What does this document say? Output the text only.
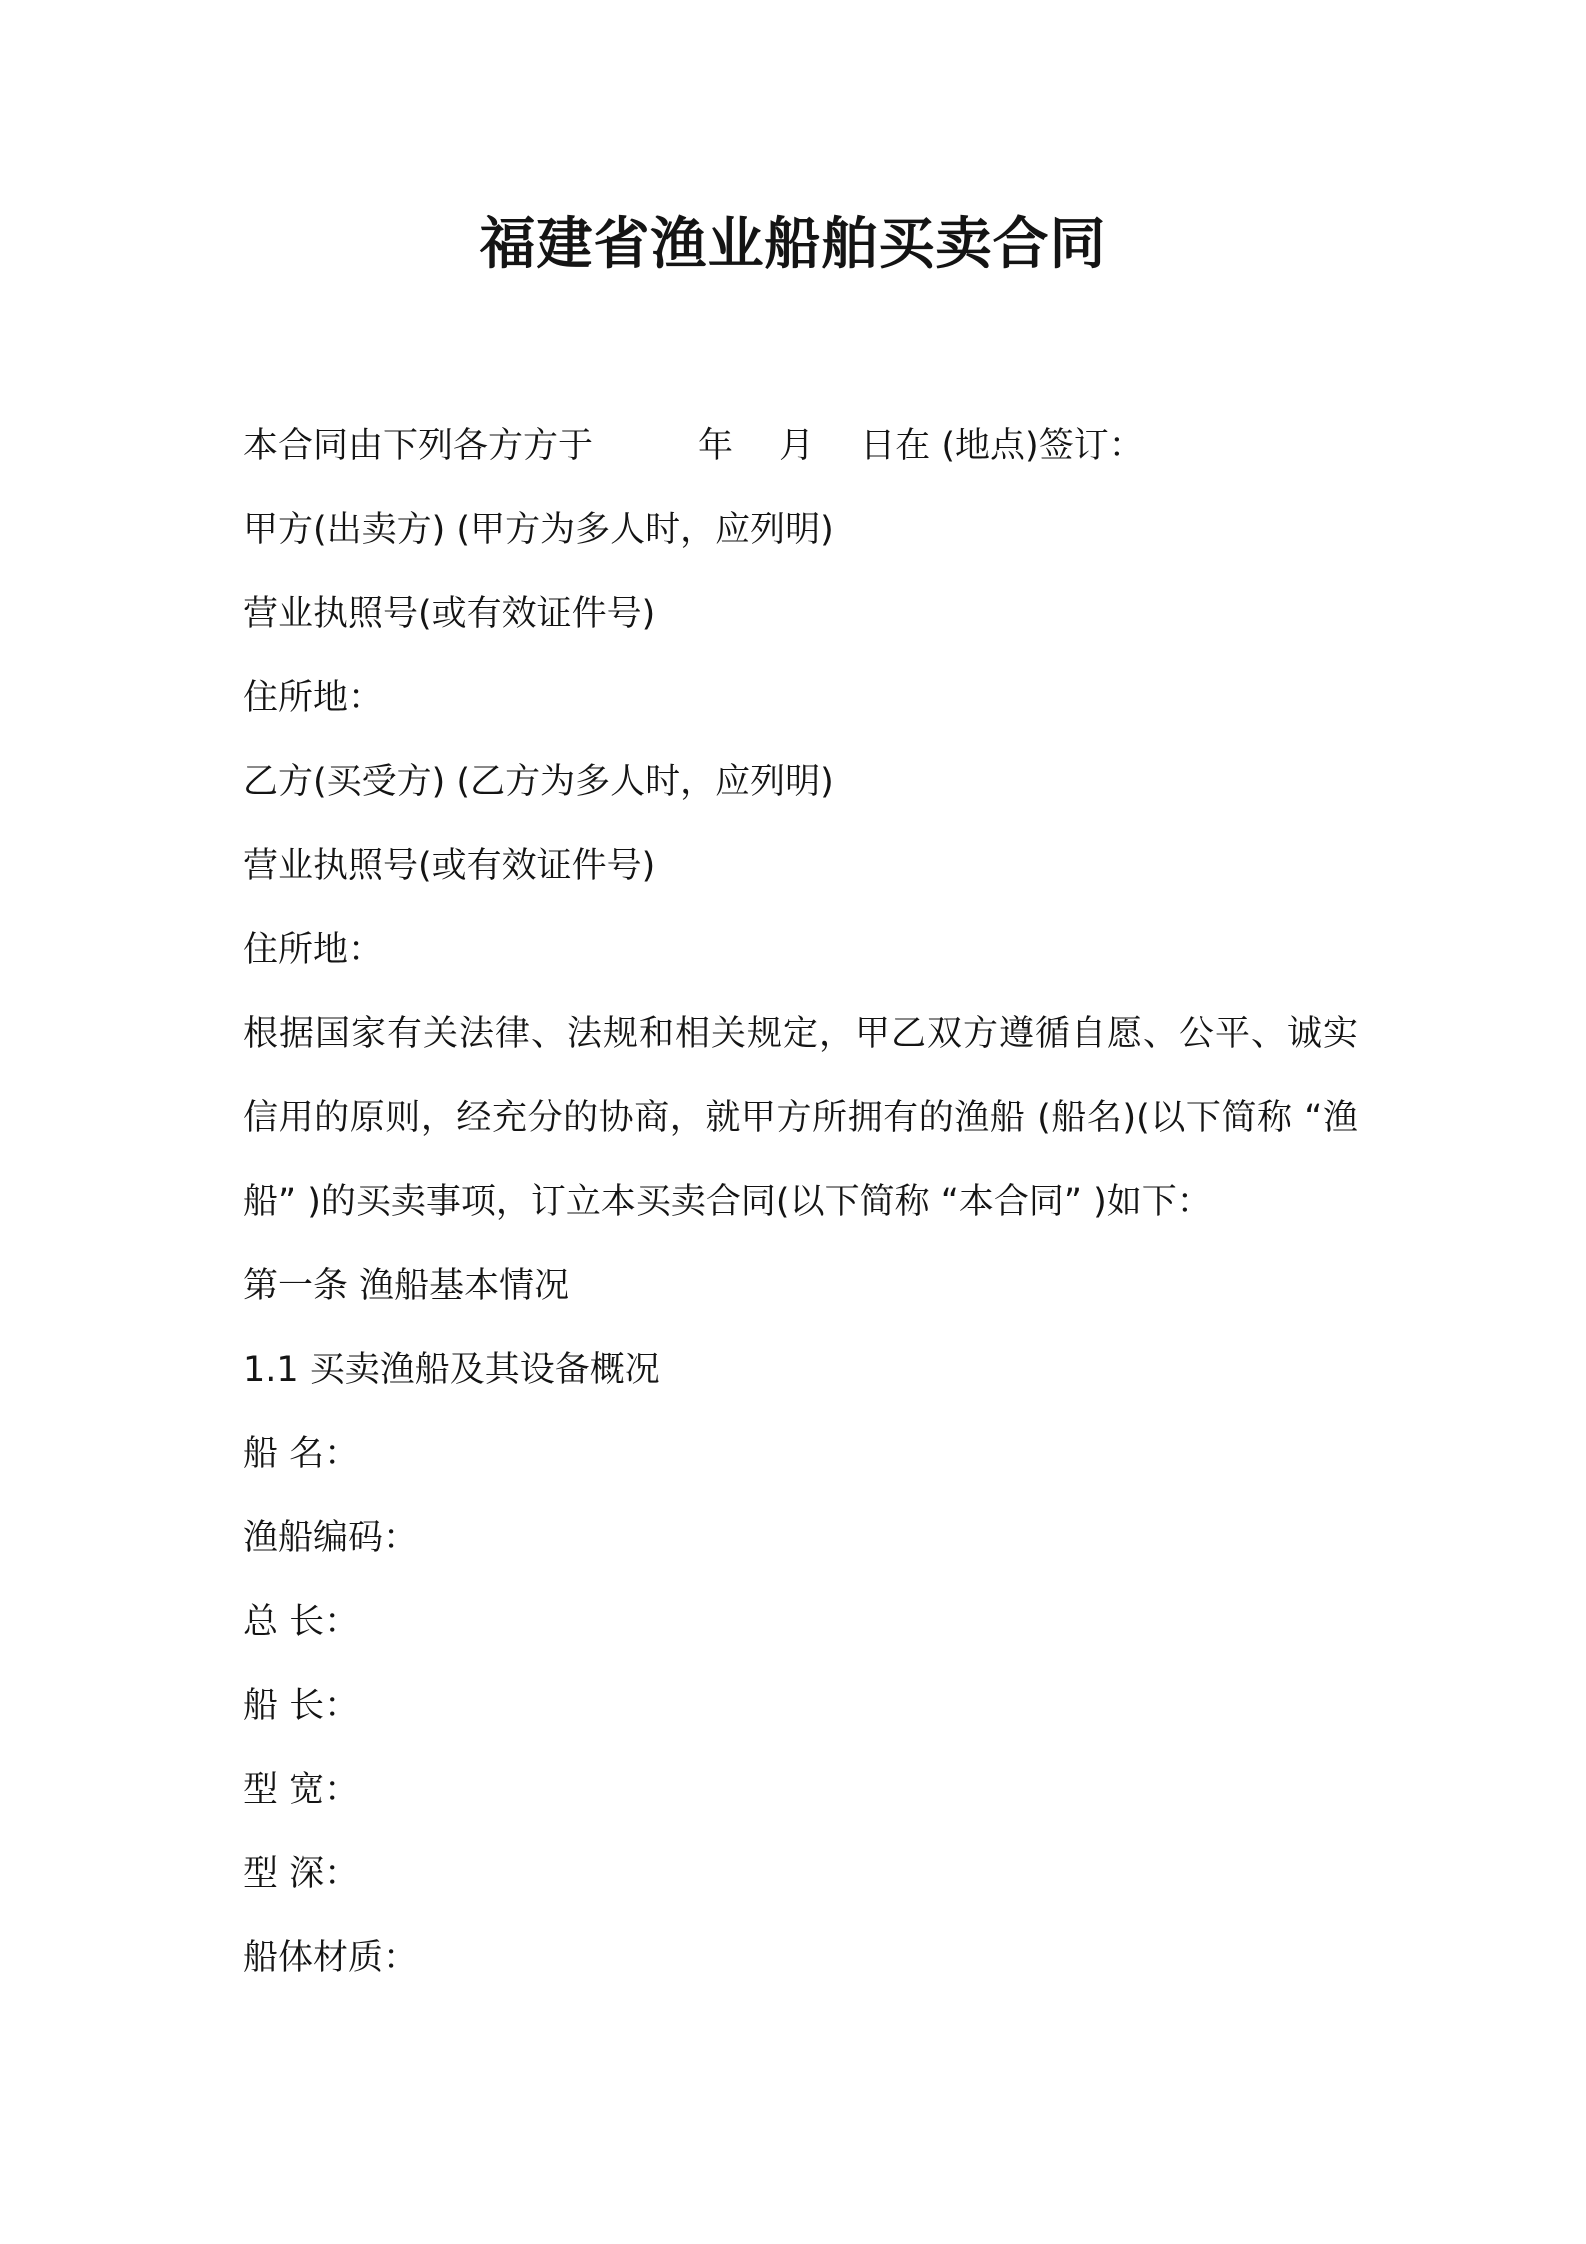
福建省渔业船舶买卖合同
本合同由下列各方方于　　　年　 月　 日在 (地点)签订：
甲方(出卖方) (甲方为多人时，应列明)
营业执照号(或有效证件号)
住所地：
乙方(买受方) (乙方为多人时，应列明)
营业执照号(或有效证件号)
住所地：
根据国家有关法律、法规和相关规定，甲乙双方遵循自愿、公平、诚实信用的原则，经充分的协商，就甲方所拥有的渔船 (船名)(以下简称 “渔船” )的买卖事项，订立本买卖合同(以下简称 “本合同” )如下：
第一条 渔船基本情况
1.1 买卖渔船及其设备概况
船 名：
渔船编码：
总 长：
船 长：
型 宽：
型 深：
船体材质：
